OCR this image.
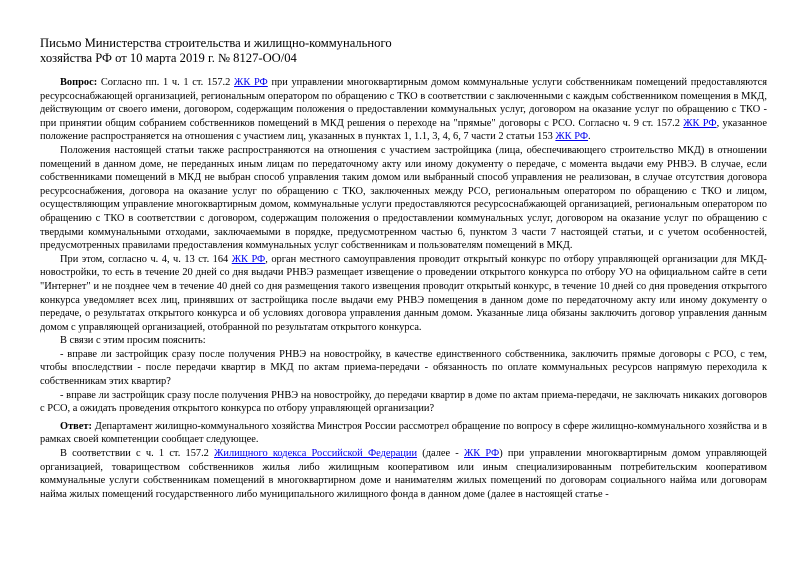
Письмо Министерства строительства и жилищно-коммунального
хозяйства РФ от 10 марта 2019 г. № 8127-ОО/04

Вопрос: Согласно пп. 1 ч. 1 ст. 157.2 ЖК РФ при управлении многоквартирным домом коммунальные услуги собственникам помещений предоставляются ресурсоснабжающей организацией, региональным оператором по обращению с ТКО в соответствии с заключенными с каждым собственником помещения в МКД, действующим от своего имени, договором, содержащим положения о предоставлении коммунальных услуг, договором на оказание услуг по обращению с ТКО - при принятии общим собранием собственников помещений в МКД решения о переходе на "прямые" договоры с РСО. Согласно ч. 9 ст. 157.2 ЖК РФ, указанное положение распространяется на отношения с участием лиц, указанных в пунктах 1, 1.1, 3, 4, 6, 7 части 2 статьи 153 ЖК РФ.

Положения настоящей статьи также распространяются на отношения с участием застройщика (лица, обеспечивающего строительство МКД) в отношении помещений в данном доме, не переданных иным лицам по передаточному акту или иному документу о передаче, с момента выдачи ему РНВЭ. В случае, если собственниками помещений в МКД не выбран способ управления таким домом или выбранный способ управления не реализован, в случае отсутствия договора ресурсоснабжения, договора на оказание услуг по обращению с ТКО, заключенных между РСО, региональным оператором по обращению с ТКО и лицом, осуществляющим управление многоквартирным домом, коммунальные услуги предоставляются ресурсоснабжающей организацией, региональным оператором по обращению с ТКО в соответствии с договором, содержащим положения о предоставлении коммунальных услуг, договором на оказание услуг по обращению с твердыми коммунальными отходами, заключаемыми в порядке, предусмотренном частью 6, пунктом 3 части 7 настоящей статьи, и с учетом особенностей, предусмотренных правилами предоставления коммунальных услуг собственникам и пользователям помещений в МКД.

При этом, согласно ч. 4, ч. 13 ст. 164 ЖК РФ, орган местного самоуправления проводит открытый конкурс по отбору управляющей организации для МКД-новостройки, то есть в течение 20 дней со дня выдачи РНВЭ размещает извещение о проведении открытого конкурса по отбору УО на официальном сайте в сети "Интернет" и не позднее чем в течение 40 дней со дня размещения такого извещения проводит открытый конкурс, в течение 10 дней со дня проведения открытого конкурса уведомляет всех лиц, принявших от застройщика после выдачи ему РНВЭ помещения в данном доме по передаточному акту или иному документу о передаче, о результатах открытого конкурса и об условиях договора управления данным домом. Указанные лица обязаны заключить договор управления данным домом с управляющей организацией, отобранной по результатам открытого конкурса.

В связи с этим просим пояснить:

- вправе ли застройщик сразу после получения РНВЭ на новостройку, в качестве единственного собственника, заключить прямые договоры с РСО, с тем, чтобы впоследствии - после передачи квартир в МКД по актам приема-передачи - обязанность по оплате коммунальных ресурсов напрямую переходила к собственникам этих квартир?

- вправе ли застройщик сразу после получения РНВЭ на новостройку, до передачи квартир в доме по актам приема-передачи, не заключать никаких договоров с РСО, а ожидать проведения открытого конкурса по отбору управляющей организации?

Ответ: Департамент жилищно-коммунального хозяйства Минстроя России рассмотрел обращение по вопросу в сфере жилищно-коммунального хозяйства и в рамках своей компетенции сообщает следующее.

В соответствии с ч. 1 ст. 157.2 Жилищного кодекса Российской Федерации (далее - ЖК РФ) при управлении многоквартирным домом управляющей организацией, товариществом собственников жилья либо жилищным кооперативом или иным специализированным потребительским кооперативом коммунальные услуги собственникам помещений в многоквартирном доме и нанимателям жилых помещений по договорам социального найма или договорам найма жилых помещений государственного либо муниципального жилищного фонда в данном доме (далее в настоящей статье -
